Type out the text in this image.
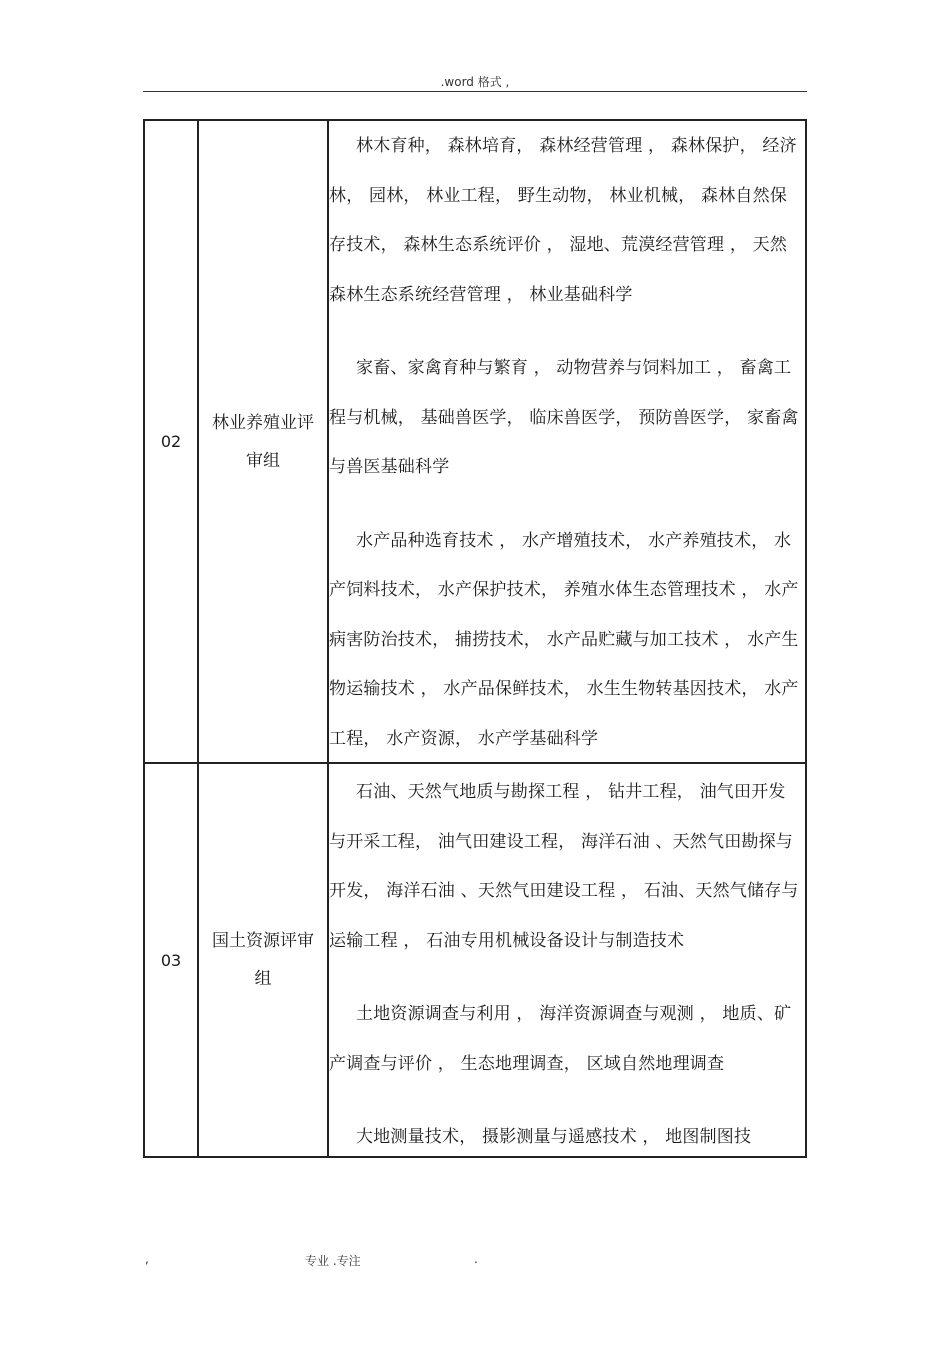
.word 格式 ,
02
林业养殖业评审组

林木育种， 森林培育， 森林经营管理 ， 森林保护， 经济林， 园林， 林业工程， 野生动物， 林业机械， 森林自然保存技术， 森林生态系统评价 ， 湿地、荒漠经营管理 ， 天然森林生态系统经营管理 ， 林业基础科学

家畜、家禽育种与繁育 ， 动物营养与饲料加工 ， 畜禽工程与机械， 基础兽医学， 临床兽医学， 预防兽医学， 家畜禽与兽医基础科学

水产品种选育技术 ， 水产增殖技术， 水产养殖技术， 水产饲料技术， 水产保护技术， 养殖水体生态管理技术 ， 水产病害防治技术， 捕捞技术， 水产品贮藏与加工技术 ， 水产生物运输技术 ， 水产品保鲜技术， 水生生物转基因技术， 水产工程， 水产资源， 水产学基础科学

03
国土资源评审组

石油、天然气地质与勘探工程 ， 钻井工程， 油气田开发与开采工程， 油气田建设工程， 海洋石油 、天然气田勘探与开发， 海洋石油 、天然气田建设工程 ， 石油、天然气储存与运输工程 ， 石油专用机械设备设计与制造技术

土地资源调查与利用 ， 海洋资源调查与观测 ， 地质、矿产调查与评价 ， 生态地理调查， 区域自然地理调查

大地测量技术， 摄影测量与遥感技术 ， 地图制图技

,	专业 .专注	.
